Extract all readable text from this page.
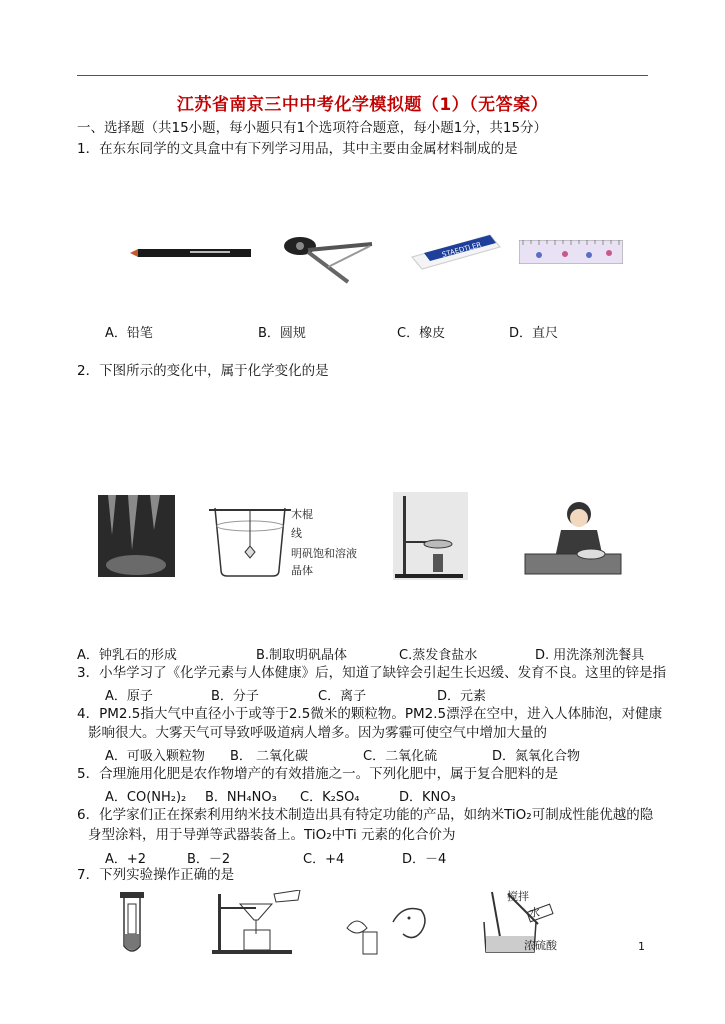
江苏省南京三中中考化学模拟题（1）（无答案）
一、选择题（共15小题，每小题只有1个选项符合题意，每小题1分，共15分）
1．在东东同学的文具盒中有下列学习用品，其中主要由金属材料制成的是
STAEDTLER
A．铅笔	B．圆规	C．橡皮	D．直尺
2．下图所示的变化中，属于化学变化的是
木棍
线
明矾饱和溶液
晶体
A．钟乳石的形成	B.制取明矾晶体	C.蒸发食盐水	D. 用洗涤剂洗餐具
3．小华学习了《化学元素与人体健康》后，知道了缺锌会引起生长迟缓、发育不良。这里的锌是指
A．原子	B．分子	C．离子	D．元素
4．PM2.5指大气中直径小于或等于2.5微米的颗粒物。PM2.5漂浮在空中，进入人体肺泡，对健康
影响很大。大雾天气可导致呼吸道病人增多。因为雾霾可使空气中增加大量的
A．可吸入颗粒物 B． 二氧化碳	C．二氧化硫	D．氮氧化合物
5．合理施用化肥是农作物增产的有效措施之一。下列化肥中，属于复合肥料的是
A．CO(NH₂)₂ B．NH₄NO₃ C．K₂SO₄	D．KNO₃
6．化学家们正在探索利用纳米技术制造出具有特定功能的产品，如纳米TiO₂可制成性能优越的隐
身型涂料，用于导弹等武器装备上。TiO₂中Ti 元素的化合价为
A．+2	B．－2	C．+4	D．－4
7．下列实验操作正确的是
搅拌
水
浓硫酸	1
